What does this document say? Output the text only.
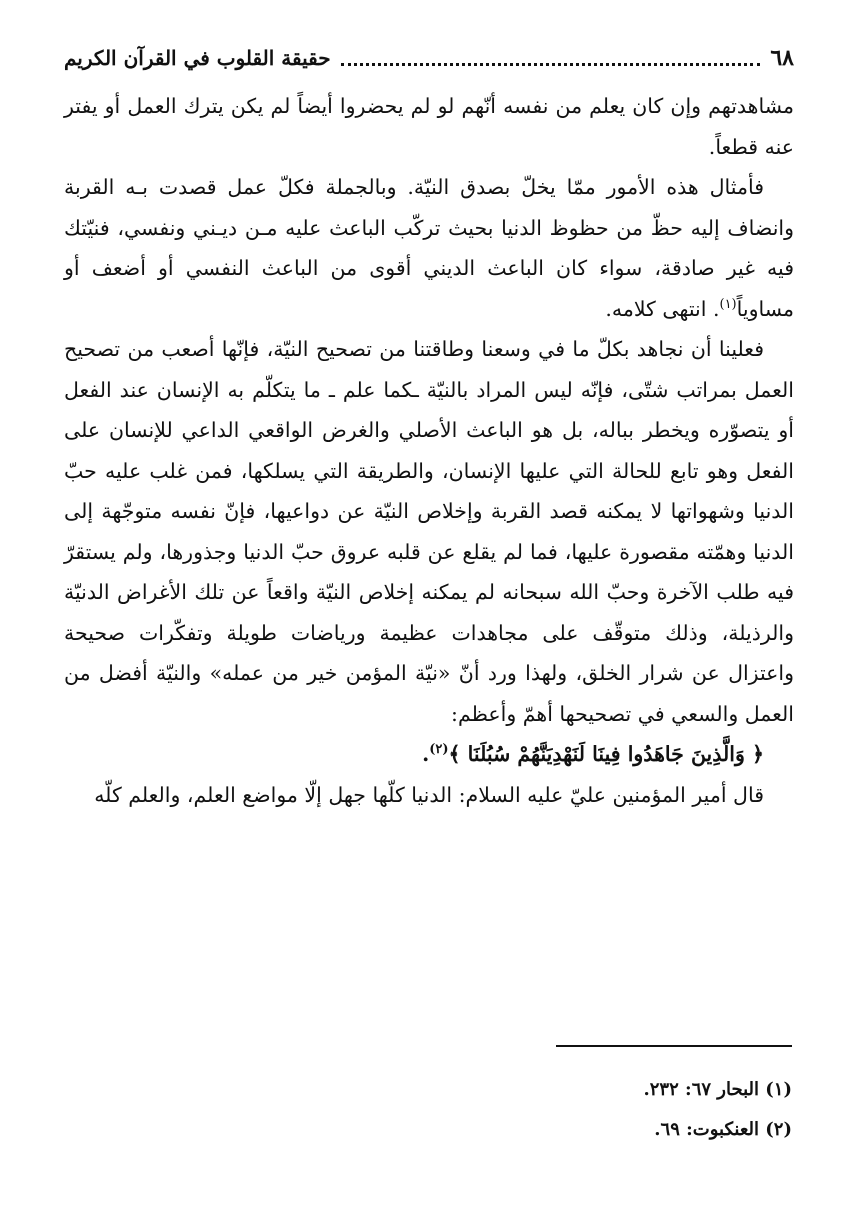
٦٨
حقيقة القلوب في القرآن الكريم

مشاهدتهم وإن كان يعلم من نفسه أنّهم لو لم يحضروا أيضاً لم يكن يترك العمل أو يفتر عنه قطعاً.

فأمثال هذه الأمور ممّا يخلّ بصدق النيّة. وبالجملة فكلّ عمل قصدت بـه القربة وانضاف إليه حظّ من حظوظ الدنيا بحيث تركّب الباعث عليه مـن ديـني ونفسي، فنيّتك فيه غير صادقة، سواء كان الباعث الديني أقوى من الباعث النفسي أو أضعف أو مساوياً$^{(١)}$. انتهى كلامه.

فعلينا أن نجاهد بكلّ ما في وسعنا وطاقتنا من تصحيح النيّة، فإنّها أصعب من تصحيح العمل بمراتب شتّى، فإنّه ليس المراد بالنيّة ـكما علم ـ ما يتكلّم به الإنسان عند الفعل أو يتصوّره ويخطر بباله، بل هو الباعث الأصلي والغرض الواقعي الداعي للإنسان على الفعل وهو تابع للحالة التي عليها الإنسان، والطريقة التي يسلكها، فمن غلب عليه حبّ الدنيا وشهواتها لا يمكنه قصد القربة وإخلاص النيّة عن دواعيها، فإنّ نفسه متوجّهة إلى الدنيا وهمّته مقصورة عليها، فما لم يقلع عن قلبه عروق حبّ الدنيا وجذورها، ولم يستقرّ فيه طلب الآخرة وحبّ الله سبحانه لم يمكنه إخلاص النيّة واقعاً عن تلك الأغراض الدنيّة والرذيلة، وذلك متوقّف على مجاهدات عظيمة ورياضات طويلة وتفكّرات صحيحة واعتزال عن شرار الخلق، ولهذا ورد أنّ «نيّة المؤمن خير من عمله» والنيّة أفضل من العمل والسعي في تصحيحها أهمّ وأعظم:

﴿ وَالَّذِينَ جَاهَدُوا فِينَا لَنَهْدِيَنَّهُمْ سُبُلَنَا ﴾$^{(٢)}$.

قال أمير المؤمنين عليّ عليه السلام: الدنيا كلّها جهل إلّا مواضع العلم، والعلم كلّه

(١) البحار ٦٧: ٢٣٢.
(٢) العنكبوت: ٦٩.
